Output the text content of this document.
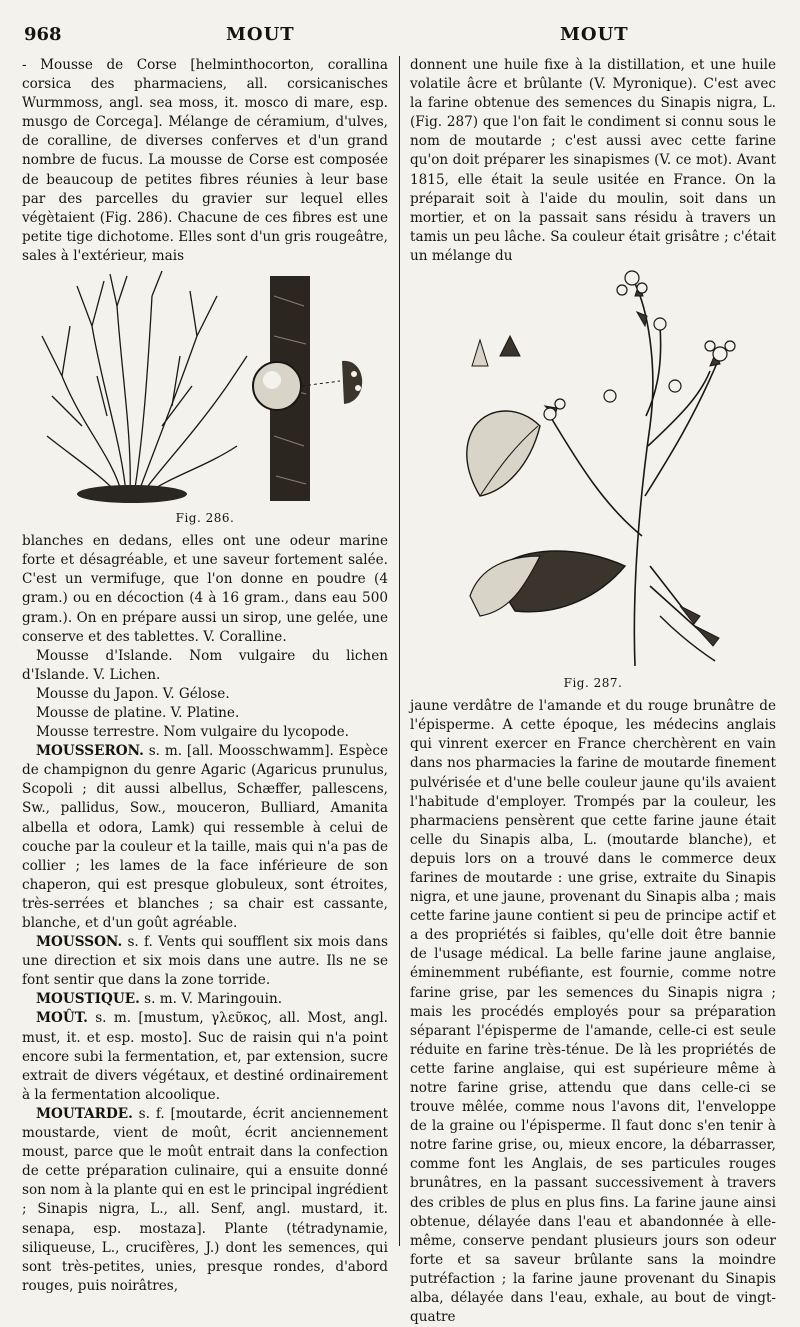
968	MOUT	MOUT

- Mousse de Corse [helminthocorton, corallina corsica des pharmaciens, all. corsicanisches Wurmmoss, angl. sea moss, it. mosco di mare, esp. musgo de Corcega]. Mélange de céramium, d'ulves, de coralline, de diverses conferves et d'un grand nombre de fucus. La mousse de Corse est composée de beaucoup de petites fibres réunies à leur base par des parcelles du gravier sur lequel elles végètaient (Fig. 286). Chacune de ces fibres est une petite tige dichotome. Elles sont d'un gris rougeâtre, sales à l'extérieur, mais

Fig. 286.

blanches en dedans, elles ont une odeur marine forte et désagréable, et une saveur fortement salée. C'est un vermifuge, que l'on donne en poudre (4 gram.) ou en décoction (4 à 16 gram., dans eau 500 gram.). On en prépare aussi un sirop, une gelée, une conserve et des tablettes. V. Coralline.

Mousse d'Islande. Nom vulgaire du lichen d'Islande. V. Lichen.

Mousse du Japon. V. Gélose.

Mousse de platine. V. Platine.

Mousse terrestre. Nom vulgaire du lycopode.

MOUSSERON. s. m. [all. Moosschwamm]. Espèce de champignon du genre Agaric (Agaricus prunulus, Scopoli ; dit aussi albellus, Schæffer, pallescens, Sw., pallidus, Sow., mouceron, Bulliard, Amanita albella et odora, Lamk) qui ressemble à celui de couche par la couleur et la taille, mais qui n'a pas de collier ; les lames de la face inférieure de son chaperon, qui est presque globuleux, sont étroites, très-serrées et blanches ; sa chair est cassante, blanche, et d'un goût agréable.

MOUSSON. s. f. Vents qui soufflent six mois dans une direction et six mois dans une autre. Ils ne se font sentir que dans la zone torride.

MOUSTIQUE. s. m. V. Maringouin.

MOÛT. s. m. [mustum, γλεῦκος, all. Most, angl. must, it. et esp. mosto]. Suc de raisin qui n'a point encore subi la fermentation, et, par extension, sucre extrait de divers végétaux, et destiné ordinairement à la fermentation alcoolique.

MOUTARDE. s. f. [moutarde, écrit anciennement moustarde, vient de moût, écrit anciennement moust, parce que le moût entrait dans la confection de cette préparation culinaire, qui a ensuite donné son nom à la plante qui en est le principal ingrédient ; Sinapis nigra, L., all. Senf, angl. mustard, it. senapa, esp. mostaza]. Plante (tétradynamie, siliqueuse, L., crucifères, J.) dont les semences, qui sont très-petites, unies, presque rondes, d'abord rouges, puis noirâtres,

donnent une huile fixe à la distillation, et une huile volatile âcre et brûlante (V. Myronique). C'est avec la farine obtenue des semences du Sinapis nigra, L. (Fig. 287) que l'on fait le condiment si connu sous le nom de moutarde ; c'est aussi avec cette farine qu'on doit préparer les sinapismes (V. ce mot). Avant 1815, elle était la seule usitée en France. On la préparait soit à l'aide du moulin, soit dans un mortier, et on la passait sans résidu à travers un tamis un peu lâche. Sa couleur était grisâtre ; c'était un mélange du

Fig. 287.

jaune verdâtre de l'amande et du rouge brunâtre de l'épisperme. A cette époque, les médecins anglais qui vinrent exercer en France cherchèrent en vain dans nos pharmacies la farine de moutarde finement pulvérisée et d'une belle couleur jaune qu'ils avaient l'habitude d'employer. Trompés par la couleur, les pharmaciens pensèrent que cette farine jaune était celle du Sinapis alba, L. (moutarde blanche), et depuis lors on a trouvé dans le commerce deux farines de moutarde : une grise, extraite du Sinapis nigra, et une jaune, provenant du Sinapis alba ; mais cette farine jaune contient si peu de principe actif et a des propriétés si faibles, qu'elle doit être bannie de l'usage médical. La belle farine jaune anglaise, éminemment rubéfiante, est fournie, comme notre farine grise, par les semences du Sinapis nigra ; mais les procédés employés pour sa préparation séparant l'épisperme de l'amande, celle-ci est seule réduite en farine très-ténue. De là les propriétés de cette farine anglaise, qui est supérieure même à notre farine grise, attendu que dans celle-ci se trouve mêlée, comme nous l'avons dit, l'enveloppe de la graine ou l'épisperme. Il faut donc s'en tenir à notre farine grise, ou, mieux encore, la débarrasser, comme font les Anglais, de ses particules rouges brunâtres, en la passant successivement à travers des cribles de plus en plus fins. La farine jaune ainsi obtenue, délayée dans l'eau et abandonnée à elle-même, conserve pendant plusieurs jours son odeur forte et sa saveur brûlante sans la moindre putréfaction ; la farine jaune provenant du Sinapis alba, délayée dans l'eau, exhale, au bout de vingt-quatre
